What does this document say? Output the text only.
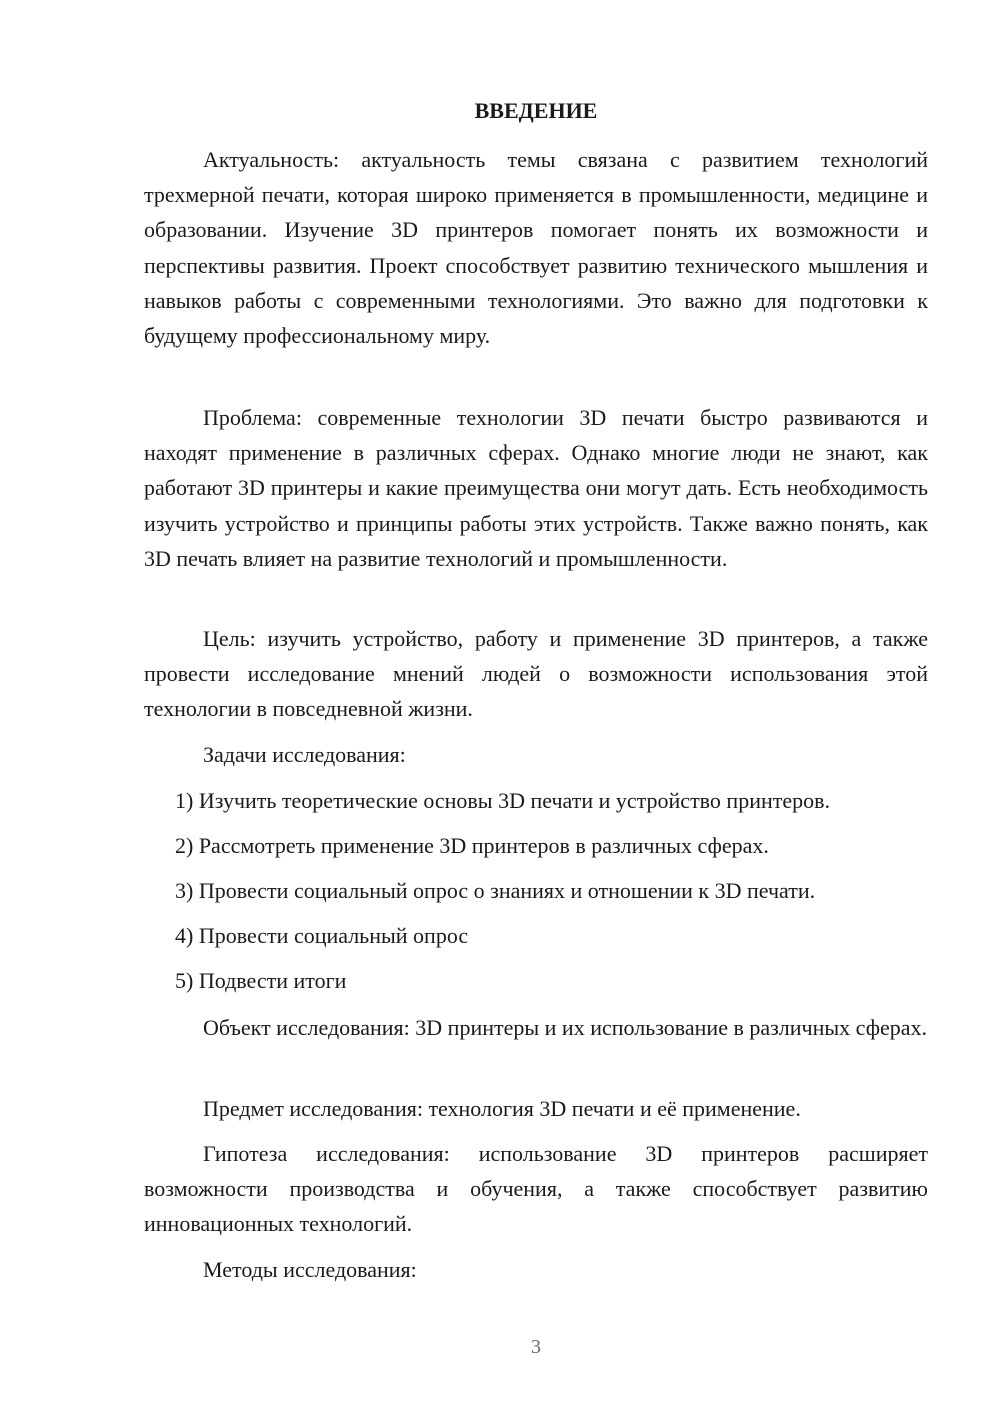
ВВЕДЕНИЕ

Актуальность: актуальность темы связана с развитием технологий трехмерной печати, которая широко применяется в промышленности, медицине и образовании. Изучение 3D принтеров помогает понять их возможности и перспективы развития. Проект способствует развитию технического мышления и навыков работы с современными технологиями. Это важно для подготовки к будущему профессиональному миру.

Проблема: современные технологии 3D печати быстро развиваются и находят применение в различных сферах. Однако многие люди не знают, как работают 3D принтеры и какие преимущества они могут дать. Есть необходимость изучить устройство и принципы работы этих устройств. Также важно понять, как 3D печать влияет на развитие технологий и промышленности.

Цель: изучить устройство, работу и применение 3D принтеров, а также провести исследование мнений людей о возможности использования этой технологии в повседневной жизни.

Задачи исследования:

1) Изучить теоретические основы 3D печати и устройство принтеров.

2) Рассмотреть применение 3D принтеров в различных сферах.

3) Провести социальный опрос о знаниях и отношении к 3D печати.

4) Провести социальный опрос

5) Подвести итоги

Объект исследования: 3D принтеры и их использование в различных сферах.

Предмет исследования: технология 3D печати и её применение.

Гипотеза исследования: использование 3D принтеров расширяет возможности производства и обучения, а также способствует развитию инновационных технологий.

Методы исследования:

3
